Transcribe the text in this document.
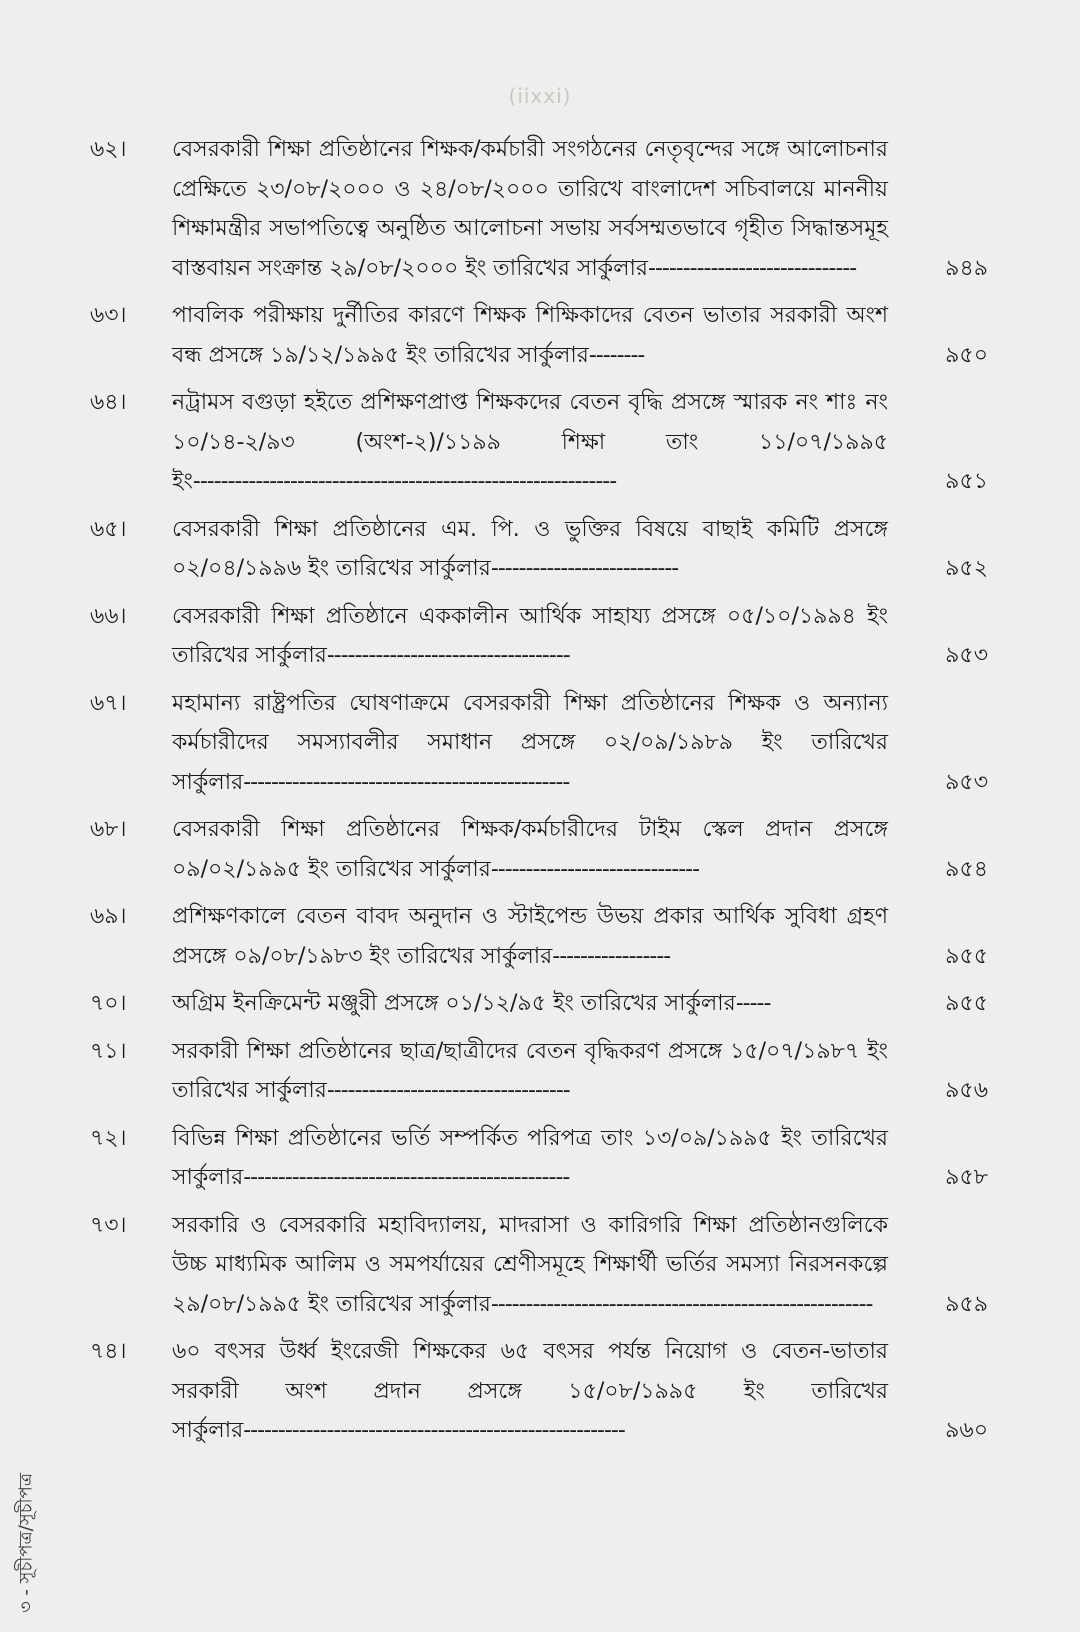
(iixxi)
৬২।	বেসরকারী শিক্ষা প্রতিষ্ঠানের শিক্ষক/কর্মচারী সংগঠনের নেতৃবৃন্দের সঙ্গে আলোচনার প্রেক্ষিতে ২৩/০৮/২০০০ ও ২৪/০৮/২০০০ তারিখে বাংলাদেশ সচিবালয়ে মাননীয় শিক্ষামন্ত্রীর সভাপতিত্বে অনুষ্ঠিত আলোচনা সভায় সর্বসম্মতভাবে গৃহীত সিদ্ধান্তসমূহ বাস্তবায়ন সংক্রান্ত ২৯/০৮/২০০০ ইং তারিখের সার্কুলার------------------------------	৯৪৯
৬৩।	পাবলিক পরীক্ষায় দুর্নীতির কারণে শিক্ষক শিক্ষিকাদের বেতন ভাতার সরকারী অংশ বন্ধ প্রসঙ্গে ১৯/১২/১৯৯৫ ইং তারিখের সার্কুলার--------	৯৫০
৬৪।	নট্রামস বগুড়া হইতে প্রশিক্ষণপ্রাপ্ত শিক্ষকদের বেতন বৃদ্ধি প্রসঙ্গে স্মারক নং শাঃ নং ১০/১৪-২/৯৩ (অংশ-২)/১১৯৯ শিক্ষা তাং ১১/০৭/১৯৯৫ ইং-------------------------------------------------------------	৯৫১
৬৫।	বেসরকারী শিক্ষা প্রতিষ্ঠানের এম. পি. ও ভুক্তির বিষয়ে বাছাই কমিটি প্রসঙ্গে ০২/০৪/১৯৯৬ ইং তারিখের সার্কুলার---------------------------	৯৫২
৬৬।	বেসরকারী শিক্ষা প্রতিষ্ঠানে এককালীন আর্থিক সাহায্য প্রসঙ্গে ০৫/১০/১৯৯৪ ইং তারিখের সার্কুলার-----------------------------------	৯৫৩
৬৭।	মহামান্য রাষ্ট্রপতির ঘোষণাক্রমে বেসরকারী শিক্ষা প্রতিষ্ঠানের শিক্ষক ও অন্যান্য কর্মচারীদের সমস্যাবলীর সমাধান প্রসঙ্গে ০২/০৯/১৯৮৯ ইং তারিখের সার্কুলার-----------------------------------------------	৯৫৩
৬৮।	বেসরকারী শিক্ষা প্রতিষ্ঠানের শিক্ষক/কর্মচারীদের টাইম স্কেল প্রদান প্রসঙ্গে ০৯/০২/১৯৯৫ ইং তারিখের সার্কুলার------------------------------	৯৫৪
৬৯।	প্রশিক্ষণকালে বেতন বাবদ অনুদান ও স্টাইপেন্ড উভয় প্রকার আর্থিক সুবিধা গ্রহণ প্রসঙ্গে ০৯/০৮/১৯৮৩ ইং তারিখের সার্কুলার-----------------	৯৫৫
৭০।	অগ্রিম ইনক্রিমেন্ট মঞ্জুরী প্রসঙ্গে ০১/১২/৯৫ ইং তারিখের সার্কুলার-----	৯৫৫
৭১।	সরকারী শিক্ষা প্রতিষ্ঠানের ছাত্র/ছাত্রীদের বেতন বৃদ্ধিকরণ প্রসঙ্গে ১৫/০৭/১৯৮৭ ইং তারিখের সার্কুলার-----------------------------------	৯৫৬
৭২।	বিভিন্ন শিক্ষা প্রতিষ্ঠানের ভর্তি সম্পর্কিত পরিপত্র তাং ১৩/০৯/১৯৯৫ ইং তারিখের সার্কুলার-----------------------------------------------	৯৫৮
৭৩।	সরকারি ও বেসরকারি মহাবিদ্যালয়, মাদরাসা ও কারিগরি শিক্ষা প্রতিষ্ঠানগুলিকে উচ্চ মাধ্যমিক আলিম ও সমপর্যায়ের শ্রেণীসমূহে শিক্ষার্থী ভর্তির সমস্যা নিরসনকল্পে ২৯/০৮/১৯৯৫ ইং তারিখের সার্কুলার-------------------------------------------------------	৯৫৯
৭৪।	৬০ বৎসর উর্ধ্ব ইংরেজী শিক্ষকের ৬৫ বৎসর পর্যন্ত নিয়োগ ও বেতন-ভাতার সরকারী অংশ প্রদান প্রসঙ্গে ১৫/০৮/১৯৯৫ ইং তারিখের সার্কুলার-------------------------------------------------------	৯৬০
৩ - সূচীপত্র/সূচীপত্র
